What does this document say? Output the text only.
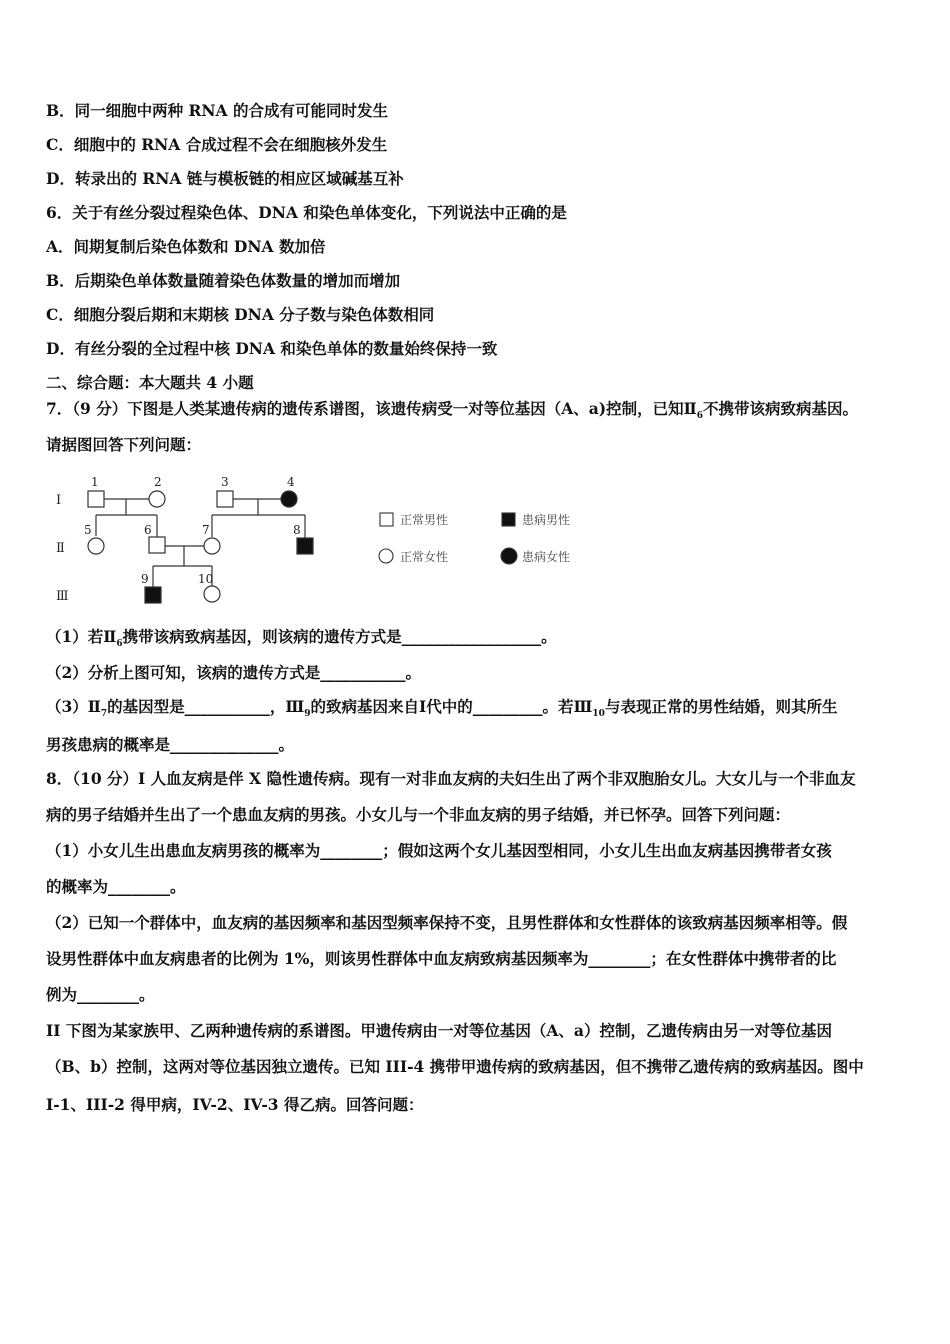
B．同一细胞中两种 RNA 的合成有可能同时发生
C．细胞中的 RNA 合成过程不会在细胞核外发生
D．转录出的 RNA 链与模板链的相应区域碱基互补
6．关于有丝分裂过程染色体、DNA 和染色单体变化，下列说法中正确的是
A．间期复制后染色体数和 DNA 数加倍
B．后期染色单体数量随着染色体数量的增加而增加
C．细胞分裂后期和末期核 DNA 分子数与染色体数相同
D．有丝分裂的全过程中核 DNA 和染色单体的数量始终保持一致
二、综合题：本大题共 4 小题
7．（9 分）下图是人类某遗传病的遗传系谱图，该遗传病受一对等位基因（A、a)控制，已知$Ⅱ_6$不携带该病致病基因。
请据图回答下列问题：
Ⅰ
Ⅱ
Ⅲ
1	2	3	4
5	6	7	8
9	10
正常男性	患病男性
正常女性	患病女性
（1）若$Ⅱ_6$携带该病致病基因，则该病的遗传方式是__________________。
（2）分析上图可知，该病的遗传方式是___________。
$(3)Ⅱ_7$的基因型是___________，$Ⅲ_9$的致病基因来自Ⅰ代中的_________。若$Ⅲ_{10}$与表现正常的男性结婚，则其所生
男孩患病的概率是______________。
8．（10 分）I 人血友病是伴 X 隐性遗传病。现有一对非血友病的夫妇生出了两个非双胞胎女儿。大女儿与一个非血友
病的男子结婚并生出了一个患血友病的男孩。小女儿与一个非血友病的男子结婚，并已怀孕。回答下列问题：
（1）小女儿生出患血友病男孩的概率为________；假如这两个女儿基因型相同，小女儿生出血友病基因携带者女孩
的概率为________。
（2）已知一个群体中，血友病的基因频率和基因型频率保持不变，且男性群体和女性群体的该致病基因频率相等。假
设男性群体中血友病患者的比例为 1%，则该男性群体中血友病致病基因频率为________；在女性群体中携带者的比
例为________。
II 下图为某家族甲、乙两种遗传病的系谱图。甲遗传病由一对等位基因（A、a）控制，乙遗传病由另一对等位基因
（B、b）控制，这两对等位基因独立遗传。已知 III-4 携带甲遗传病的致病基因，但不携带乙遗传病的致病基因。图中
I-1、III-2 得甲病，IV-2、IV-3 得乙病。回答问题：
